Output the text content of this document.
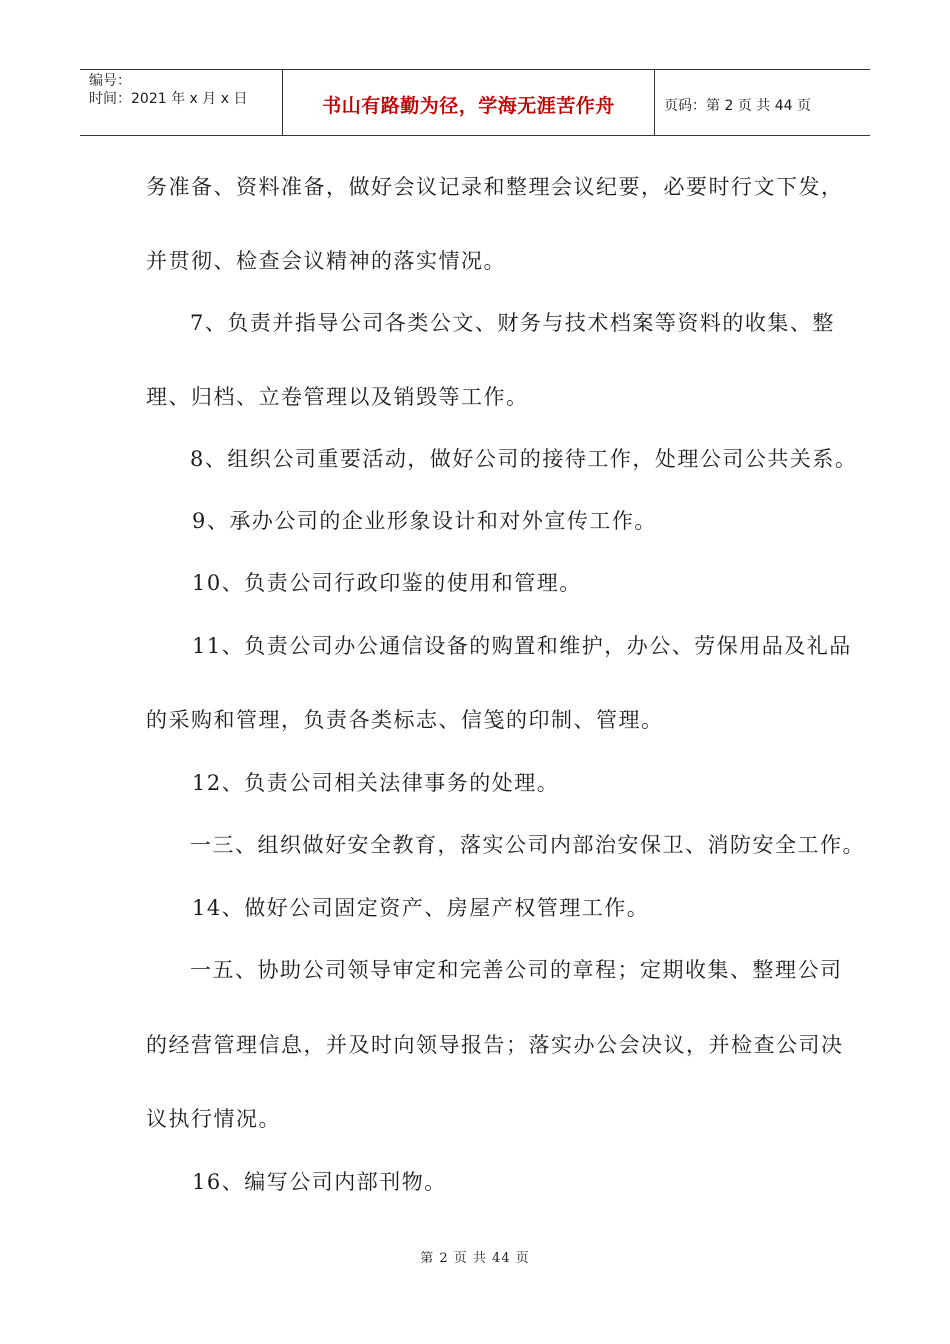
编号：
时间：2021 年 x 月 x 日	书山有路勤为径，学海无涯苦作舟	页码：第 2 页 共 44 页
务准备、资料准备，做好会议记录和整理会议纪要，必要时行文下发，
并贯彻、检查会议精神的落实情况。
7、负责并指导公司各类公文、财务与技术档案等资料的收集、整
理、归档、立卷管理以及销毁等工作。
8、组织公司重要活动，做好公司的接待工作，处理公司公共关系。
9、承办公司的企业形象设计和对外宣传工作。
10、负责公司行政印鉴的使用和管理。
11、负责公司办公通信设备的购置和维护，办公、劳保用品及礼品
的采购和管理，负责各类标志、信笺的印制、管理。
12、负责公司相关法律事务的处理。
一三、组织做好安全教育，落实公司内部治安保卫、消防安全工作。
14、做好公司固定资产、房屋产权管理工作。
一五、协助公司领导审定和完善公司的章程；定期收集、整理公司
的经营管理信息，并及时向领导报告；落实办公会决议，并检查公司决
议执行情况。
16、编写公司内部刊物。
第 2 页 共 44 页
